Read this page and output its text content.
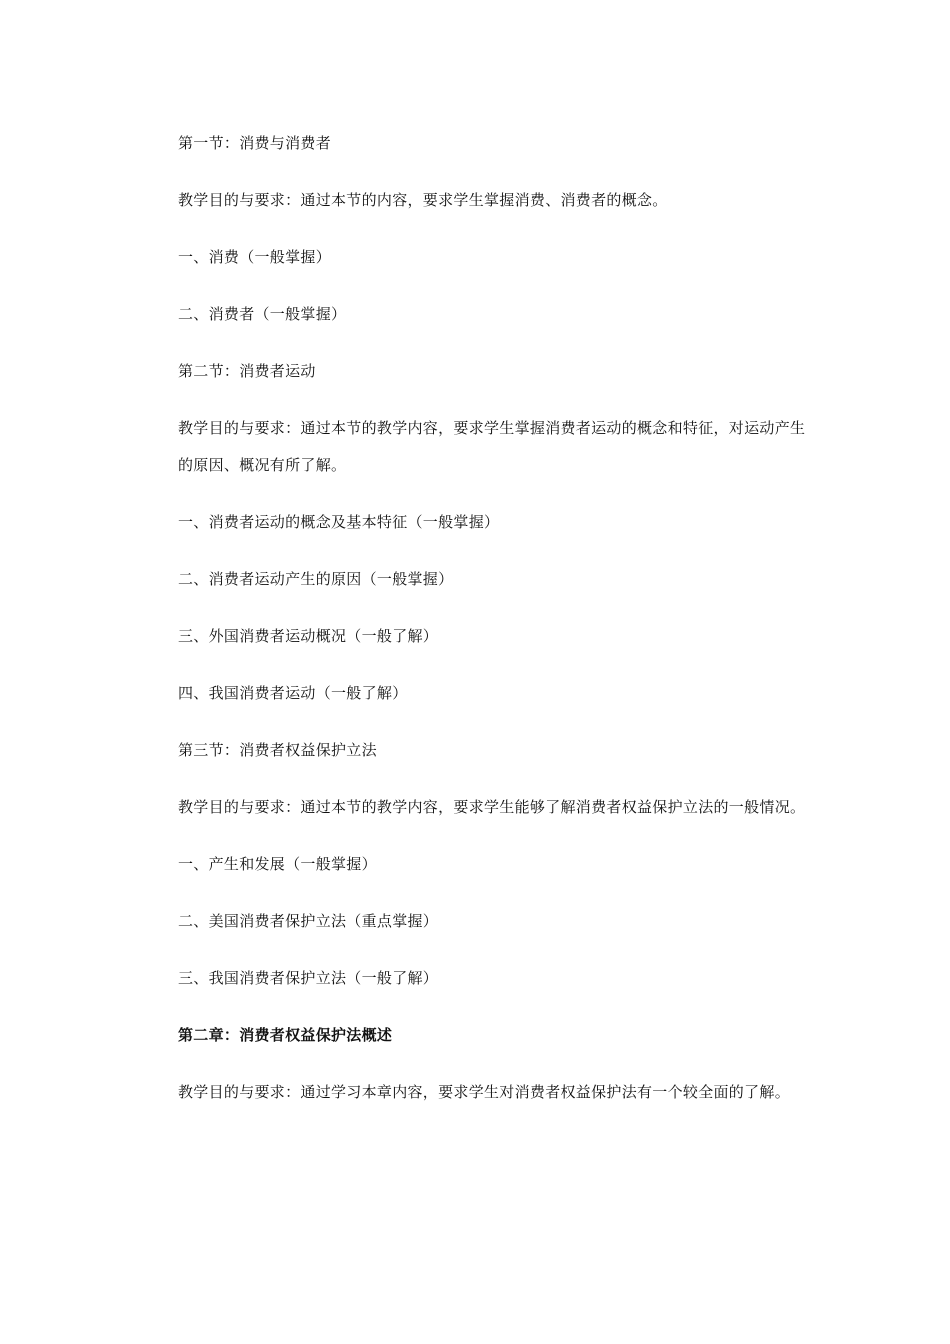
第一节：消费与消费者

教学目的与要求：通过本节的内容，要求学生掌握消费、消费者的概念。

一、消费（一般掌握）

二、消费者（一般掌握）

第二节：消费者运动

教学目的与要求：通过本节的教学内容，要求学生掌握消费者运动的概念和特征，对运动产生的原因、概况有所了解。

一、消费者运动的概念及基本特征（一般掌握）

二、消费者运动产生的原因（一般掌握）

三、外国消费者运动概况（一般了解）

四、我国消费者运动（一般了解）

第三节：消费者权益保护立法

教学目的与要求：通过本节的教学内容，要求学生能够了解消费者权益保护立法的一般情况。

一、产生和发展（一般掌握）

二、美国消费者保护立法（重点掌握）

三、我国消费者保护立法（一般了解）

第二章：消费者权益保护法概述

教学目的与要求：通过学习本章内容，要求学生对消费者权益保护法有一个较全面的了解。
